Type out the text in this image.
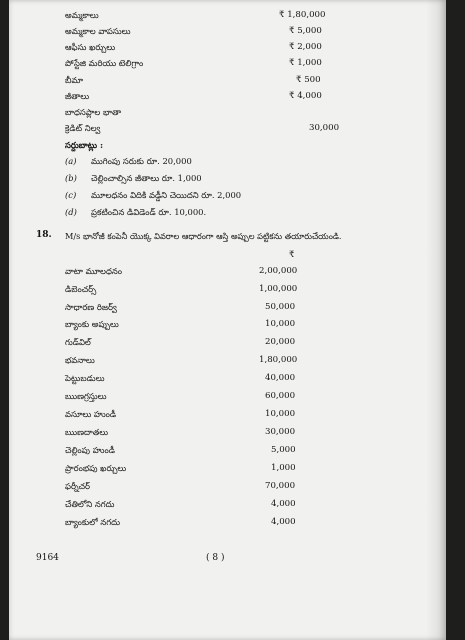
అమ్మకాలు	₹ 1,80,000
అమ్మకాల వాపసులు	₹ 5,000
ఆఫీసు ఖర్చులు	₹ 2,000
పోస్టేజి మరియు టెలిగ్రాం	₹ 1,000
బీమా	₹ 500
జీతాలు	₹ 4,000
బాధసప్లాల భాతా
క్రెడిట్ నిల్వ	30,000
సర్దుబాట్లు :
(a) ముగింపు సరుకు రూ. 20,000
(b) చెల్లించాల్సిన జీతాలు రూ. 1,000
(c) మూలధనం విదికి వడ్డీని చెయిదని రూ. 2,000
(d) ప్రకటించిన డివిడెండ్ రూ. 10,000.
18. M/s భానోజీ కంపెనీ యొక్క వివరాల ఆధారంగా ఆస్తి అప్పుల పట్టికను తయారుచేయండి.
₹
వాటా మూలధనం	2,00,000
డిబెంచర్స్	1,00,000
సాధారణ రిజర్వ్	50,000
బ్యాంకు అప్పులు	10,000
గుడ్‌విల్	20,000
భవనాలు	1,80,000
పెట్టుబడులు	40,000
ఋణగ్రస్తులు	60,000
వసూలు హుండీ	10,000
ఋణదాతలు	30,000
చెల్లింపు హుండీ	5,000
ప్రారంభపు ఖర్చులు	1,000
ఫర్నీచర్	70,000
చేతిలోని నగదు	4,000
బ్యాంకులో నగదు	4,000
9164	( 8 )
